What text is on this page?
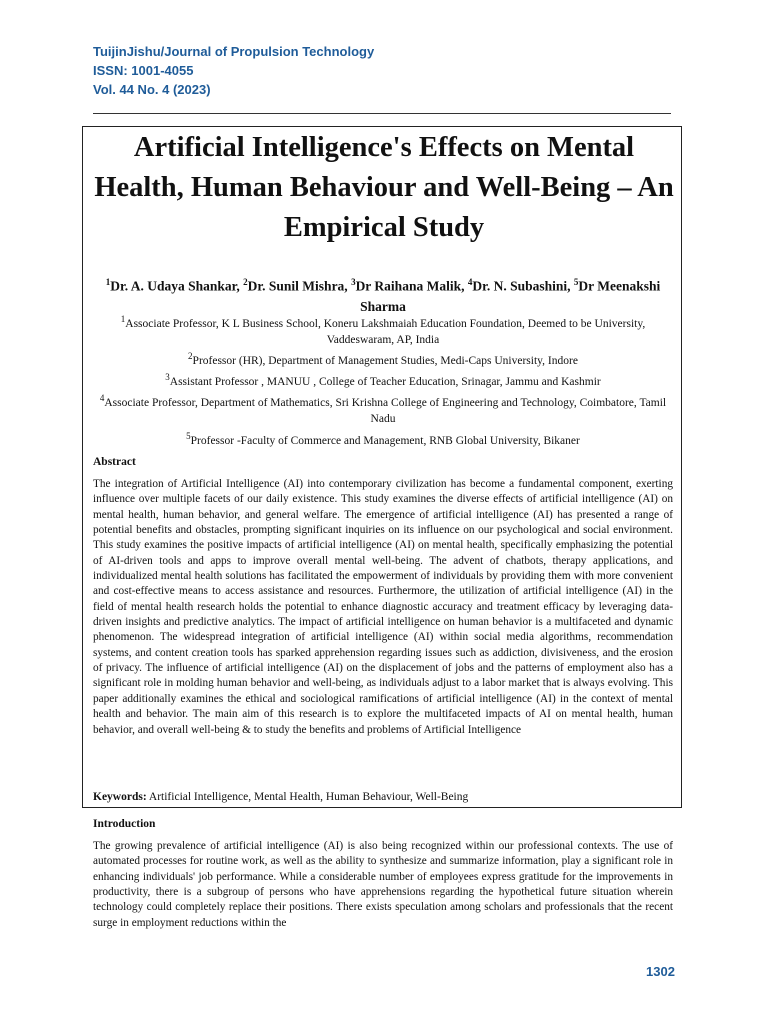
TuijinJishu/Journal of Propulsion Technology
ISSN: 1001-4055
Vol. 44 No. 4 (2023)
Artificial Intelligence's Effects on Mental Health, Human Behaviour and Well-Being – An Empirical Study
$^1$Dr. A. Udaya Shankar, $^2$Dr. Sunil Mishra, $^3$Dr Raihana Malik, $^4$Dr. N. Subashini, $^5$Dr Meenakshi Sharma
$^1$Associate Professor, K L Business School, Koneru Lakshmaiah Education Foundation, Deemed to be University, Vaddeswaram, AP, India
$^2$Professor (HR), Department of Management Studies, Medi-Caps University, Indore
$^3$Assistant Professor , MANUU , College of Teacher Education, Srinagar, Jammu and Kashmir
$^4$Associate Professor, Department of Mathematics, Sri Krishna College of Engineering and Technology, Coimbatore, Tamil Nadu
$^5$Professor -Faculty of Commerce and Management, RNB Global University, Bikaner
Abstract

The integration of Artificial Intelligence (AI) into contemporary civilization has become a fundamental component, exerting influence over multiple facets of our daily existence. This study examines the diverse effects of artificial intelligence (AI) on mental health, human behavior, and general welfare. The emergence of artificial intelligence (AI) has presented a range of potential benefits and obstacles, prompting significant inquiries on its influence on our psychological and social environment. This study examines the positive impacts of artificial intelligence (AI) on mental health, specifically emphasizing the potential of AI-driven tools and apps to improve overall mental well-being. The advent of chatbots, therapy applications, and individualized mental health solutions has facilitated the empowerment of individuals by providing them with more convenient and cost-effective means to access assistance and resources. Furthermore, the utilization of artificial intelligence (AI) in the field of mental health research holds the potential to enhance diagnostic accuracy and treatment efficacy by leveraging data-driven insights and predictive analytics. The impact of artificial intelligence on human behavior is a multifaceted and dynamic phenomenon. The widespread integration of artificial intelligence (AI) within social media algorithms, recommendation systems, and content creation tools has sparked apprehension regarding issues such as addiction, divisiveness, and the erosion of privacy. The influence of artificial intelligence (AI) on the displacement of jobs and the patterns of employment also has a significant role in molding human behavior and well-being, as individuals adjust to a labor market that is always evolving. This paper additionally examines the ethical and sociological ramifications of artificial intelligence (AI) in the context of mental health and behavior. The main aim of this research is to explore the multifaceted impacts of AI on mental health, human behavior, and overall well-being & to study the benefits and problems of Artificial Intelligence

Keywords: Artificial Intelligence, Mental Health, Human Behaviour, Well-Being
Introduction

The growing prevalence of artificial intelligence (AI) is also being recognized within our professional contexts. The use of automated processes for routine work, as well as the ability to synthesize and summarize information, play a significant role in enhancing individuals' job performance. While a considerable number of employees express gratitude for the improvements in productivity, there is a subgroup of persons who have apprehensions regarding the hypothetical future situation wherein technology could completely replace their positions. There exists speculation among scholars and professionals that the recent surge in employment reductions within the

1302
